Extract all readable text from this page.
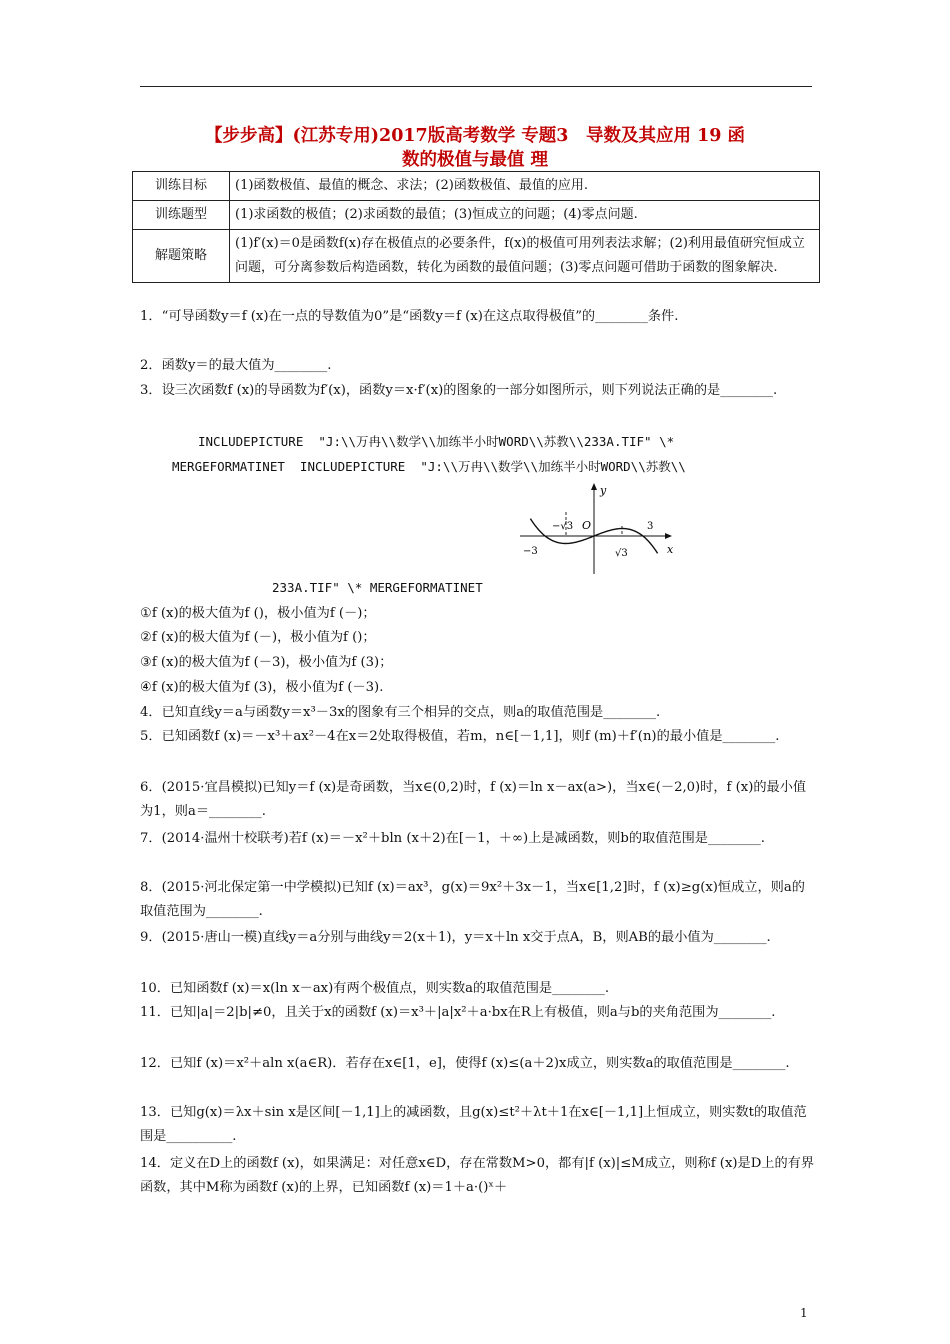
【步步高】(江苏专用)2017版高考数学 专题3　导数及其应用 19 函
数的极值与最值 理
训练目标	(1)函数极值、最值的概念、求法；(2)函数极值、最值的应用.
训练题型	(1)求函数的极值；(2)求函数的最值；(3)恒成立的问题；(4)零点问题.
解题策略	(1)f′(x)＝0是函数f(x)存在极值点的必要条件，f(x)的极值可用列表法求解；(2)利用最值研究恒成立问题，可分离参数后构造函数，转化为函数的最值问题；(3)零点问题可借助于函数的图象解决.

1．“可导函数y＝f (x)在一点的导数值为0”是“函数y＝f (x)在这点取得极值”的________条件.

2．函数y＝的最大值为________.

3．设三次函数f (x)的导函数为f′(x)，函数y＝x·f′(x)的图象的一部分如图所示，则下列说法正确的是________.

INCLUDEPICTURE  "J:\\万冉\\数学\\加练半小时WORD\\苏教\\233A.TIF" \*

MERGEFORMATINET  INCLUDEPICTURE  "J:\\万冉\\数学\\加练半小时WORD\\苏教\\

y
x
O
−3
−√3
√3
3

233A.TIF" \* MERGEFORMATINET

①f (x)的极大值为f ()，极小值为f (－)；

②f (x)的极大值为f (－)，极小值为f ()；

③f (x)的极大值为f (－3)，极小值为f (3)；

④f (x)的极大值为f (3)，极小值为f (－3).

4．已知直线y＝a与函数y＝x³－3x的图象有三个相异的交点，则a的取值范围是________.

5．已知函数f (x)＝－x³＋ax²－4在x＝2处取得极值，若m，n∈[－1,1]，则f (m)＋f′(n)的最小值是________.

6．(2015·宜昌模拟)已知y＝f (x)是奇函数，当x∈(0,2)时，f (x)＝ln x－ax(a>)，当x∈(－2,0)时，f (x)的最小值为1，则a＝________.

7．(2014·温州十校联考)若f (x)＝－x²＋bln (x＋2)在[－1，＋∞)上是减函数，则b的取值范围是________.

8．(2015·河北保定第一中学模拟)已知f (x)＝ax³，g(x)＝9x²＋3x－1，当x∈[1,2]时，f (x)≥g(x)恒成立，则a的取值范围为________.

9．(2015·唐山一模)直线y＝a分别与曲线y＝2(x＋1)，y＝x＋ln x交于点A，B，则AB的最小值为________.

10．已知函数f (x)＝x(ln x－ax)有两个极值点，则实数a的取值范围是________.

11．已知|a|＝2|b|≠0，且关于x的函数f (x)＝x³＋|a|x²＋a·bx在R上有极值，则a与b的夹角范围为________.

12．已知f (x)＝x²＋aln x(a∈R)．若存在x∈[1，e]，使得f (x)≤(a＋2)x成立，则实数a的取值范围是________.

13．已知g(x)＝λx＋sin x是区间[－1,1]上的减函数，且g(x)≤t²＋λt＋1在x∈[－1,1]上恒成立，则实数t的取值范围是__________.

14．定义在D上的函数f (x)，如果满足：对任意x∈D，存在常数M>0，都有|f (x)|≤M成立，则称f (x)是D上的有界函数，其中M称为函数f (x)的上界，已知函数f (x)＝1＋a·()ˣ＋

1
